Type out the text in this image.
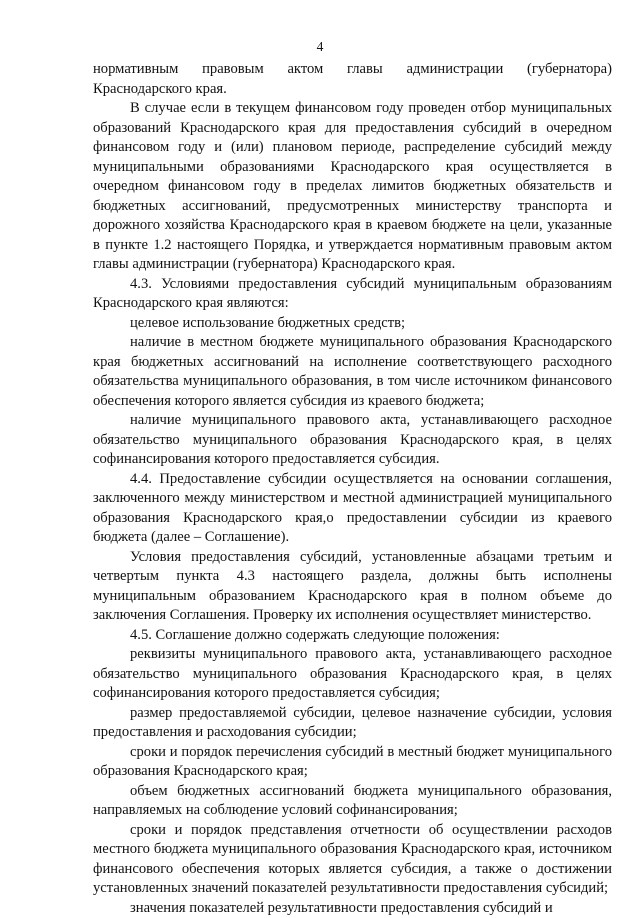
4

нормативным правовым актом главы администрации (губернатора) Краснодарского края.

В случае если в текущем финансовом году проведен отбор муниципальных образований Краснодарского края для предоставления субсидий в очередном финансовом году и (или) плановом периоде, распределение субсидий между муниципальными образованиями Краснодарского края осуществляется в очередном финансовом году в пределах лимитов бюджетных обязательств и бюджетных ассигнований, предусмотренных министерству транспорта и дорожного хозяйства Краснодарского края в краевом бюджете на цели, указанные в пункте 1.2 настоящего Порядка, и утверждается нормативным правовым актом главы администрации (губернатора) Краснодарского края.

4.3. Условиями предоставления субсидий муниципальным образованиям Краснодарского края являются:

целевое использование бюджетных средств;

наличие в местном бюджете муниципального образования Краснодарского края бюджетных ассигнований на исполнение соответствующего расходного обязательства муниципального образования, в том числе источником финансового обеспечения которого является субсидия из краевого бюджета;

наличие муниципального правового акта, устанавливающего расходное обязательство муниципального образования Краснодарского края, в целях софинансирования которого предоставляется субсидия.

4.4. Предоставление субсидии осуществляется на основании соглашения, заключенного между министерством и местной администрацией муниципального образования Краснодарского края,о предоставлении субсидии из краевого бюджета (далее – Соглашение).

Условия предоставления субсидий, установленные абзацами третьим и четвертым пункта 4.3 настоящего раздела, должны быть исполнены муниципальным образованием Краснодарского края в полном объеме до заключения Соглашения. Проверку их исполнения осуществляет министерство.

4.5. Соглашение должно содержать следующие положения:

реквизиты муниципального правового акта, устанавливающего расходное обязательство муниципального образования Краснодарского края, в целях софинансирования которого предоставляется субсидия;

размер предоставляемой субсидии, целевое назначение субсидии, условия предоставления и расходования субсидии;

сроки и порядок перечисления субсидий в местный бюджет муниципального образования Краснодарского края;

объем бюджетных ассигнований бюджета муниципального образования, направляемых на соблюдение условий софинансирования;

сроки и порядок представления отчетности об осуществлении расходов местного бюджета муниципального образования Краснодарского края, источником финансового обеспечения которых является субсидия, а также о достижении установленных значений показателей результативности предоставления субсидий;

значения показателей результативности предоставления субсидий и
